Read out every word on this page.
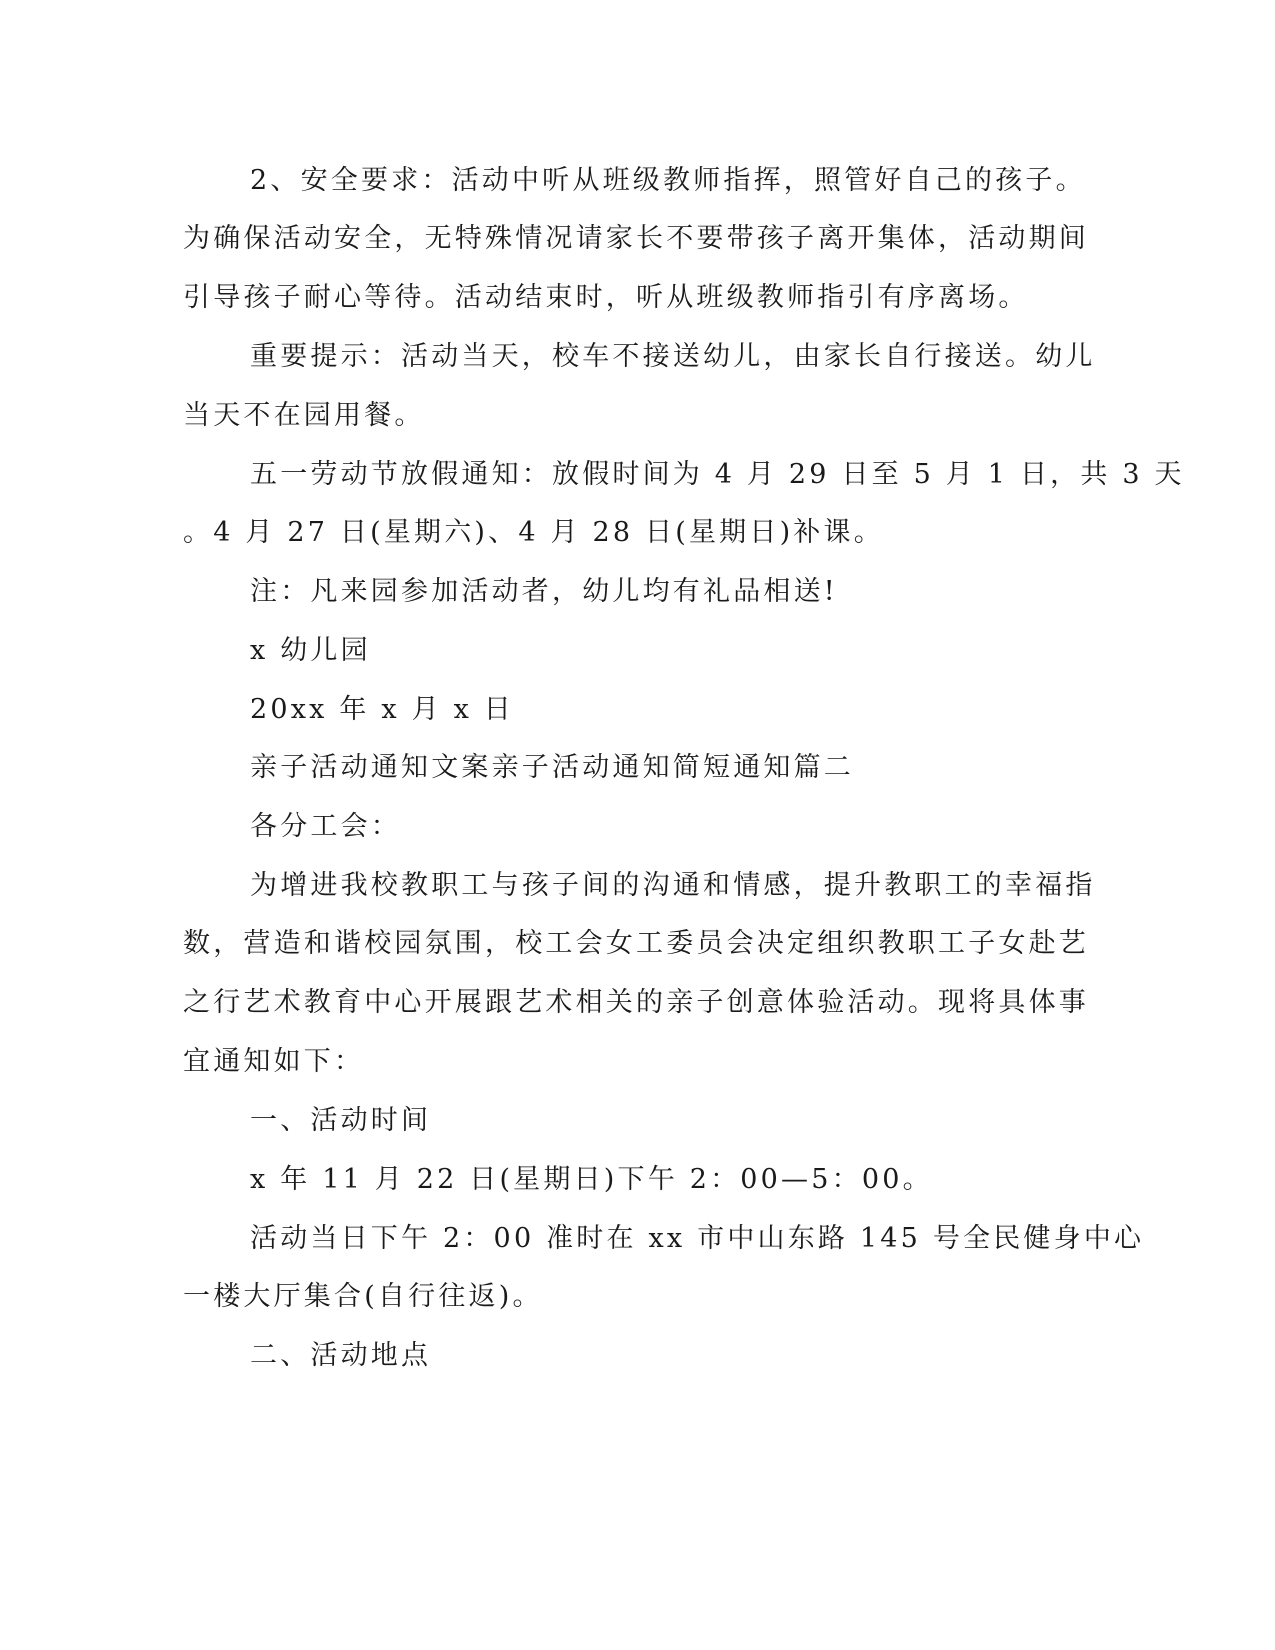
2、安全要求：活动中听从班级教师指挥，照管好自己的孩子。
为确保活动安全，无特殊情况请家长不要带孩子离开集体，活动期间
引导孩子耐心等待。活动结束时，听从班级教师指引有序离场。
重要提示：活动当天，校车不接送幼儿，由家长自行接送。幼儿
当天不在园用餐。
五一劳动节放假通知：放假时间为 4 月 29 日至 5 月 1 日，共 3 天
。4 月 27 日(星期六)、4 月 28 日(星期日)补课。
注：凡来园参加活动者，幼儿均有礼品相送!
x 幼儿园
20xx 年 x 月 x 日
亲子活动通知文案亲子活动通知简短通知篇二
各分工会：
为增进我校教职工与孩子间的沟通和情感，提升教职工的幸福指
数，营造和谐校园氛围，校工会女工委员会决定组织教职工子女赴艺
之行艺术教育中心开展跟艺术相关的亲子创意体验活动。现将具体事
宜通知如下：
一、活动时间
x 年 11 月 22 日(星期日)下午 2：00—5：00。
活动当日下午 2：00 准时在 xx 市中山东路 145 号全民健身中心
一楼大厅集合(自行往返)。
二、活动地点
